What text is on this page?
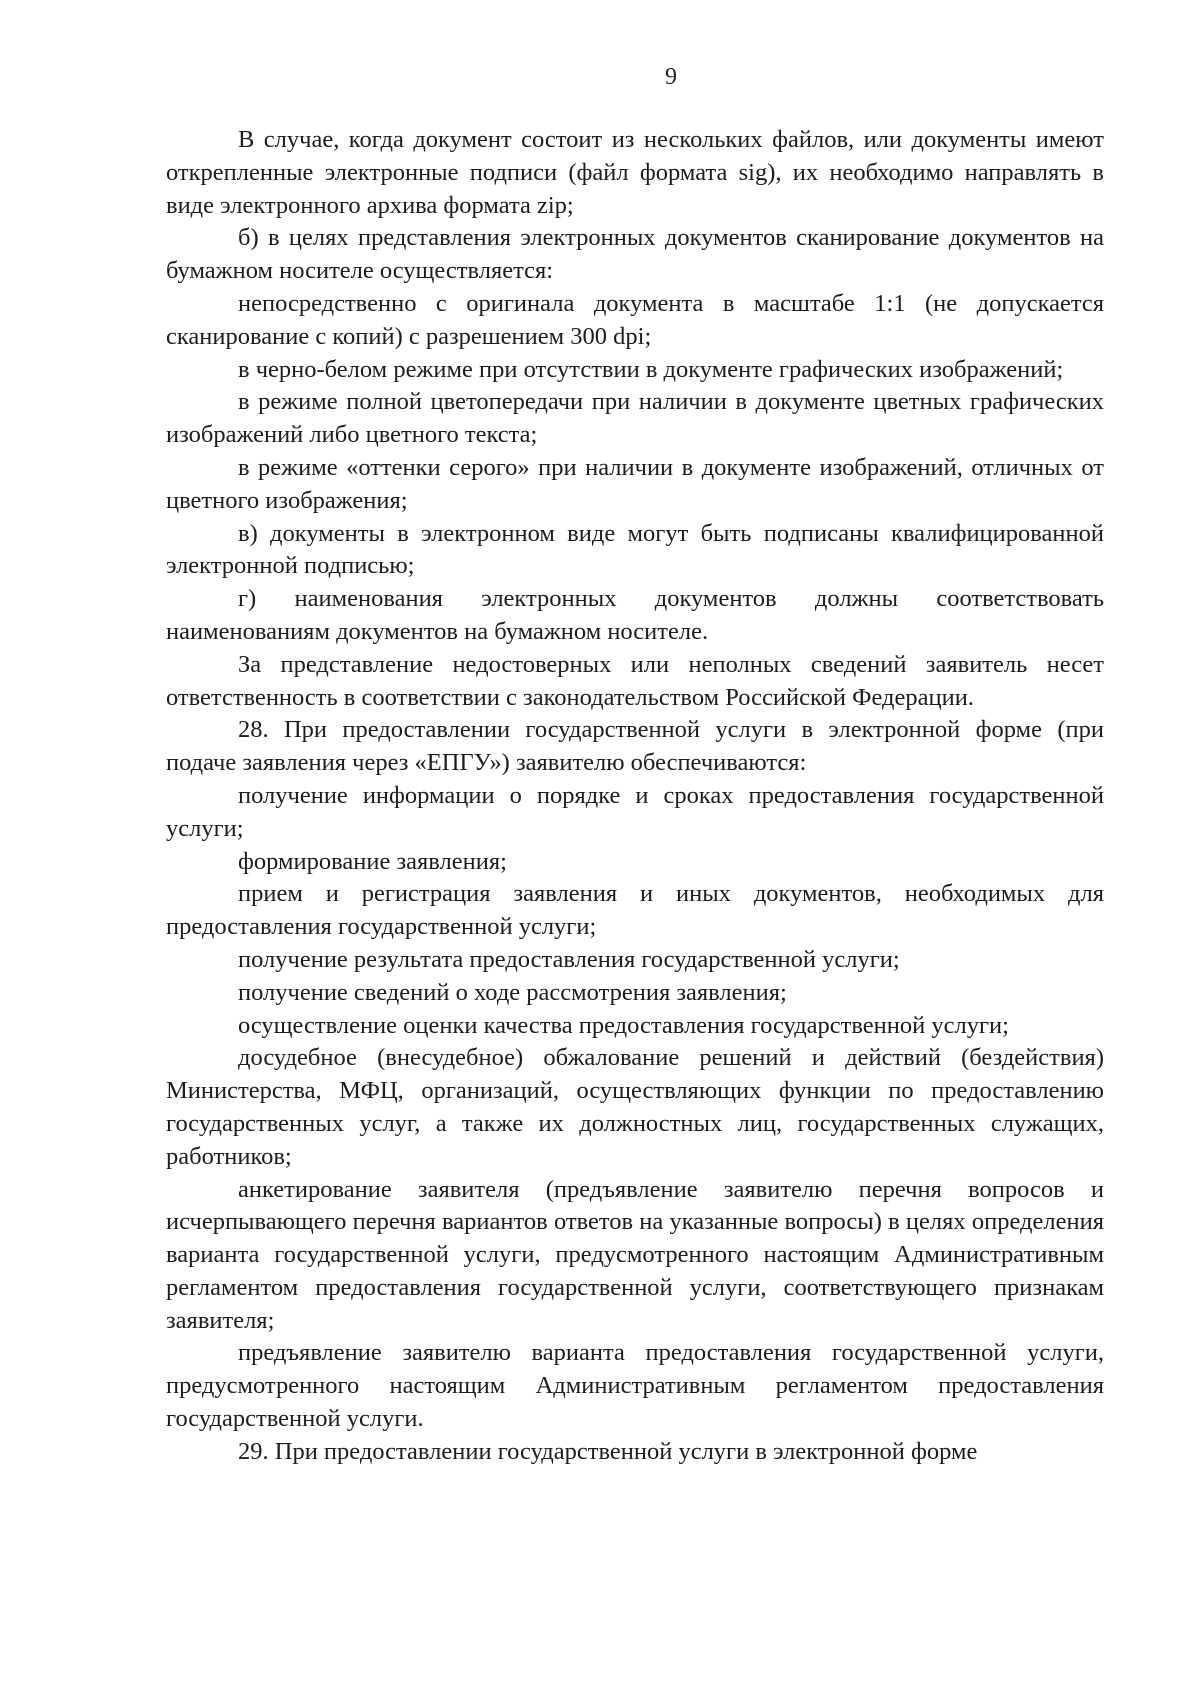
9

В случае, когда документ состоит из нескольких файлов, или документы имеют открепленные электронные подписи (файл формата sig), их необходимо направлять в виде электронного архива формата zip;

б) в целях представления электронных документов сканирование документов на бумажном носителе осуществляется:

непосредственно с оригинала документа в масштабе 1:1 (не допускается сканирование с копий) с разрешением 300 dpi;

в черно-белом режиме при отсутствии в документе графических изображений;

в режиме полной цветопередачи при наличии в документе цветных графических изображений либо цветного текста;

в режиме «оттенки серого» при наличии в документе изображений, отличных от цветного изображения;

в) документы в электронном виде могут быть подписаны квалифицированной электронной подписью;

г) наименования электронных документов должны соответствовать наименованиям документов на бумажном носителе.

За представление недостоверных или неполных сведений заявитель несет ответственность в соответствии с законодательством Российской Федерации.

28. При предоставлении государственной услуги в электронной форме (при подаче заявления через «ЕПГУ») заявителю обеспечиваются:

получение информации о порядке и сроках предоставления государственной услуги;

формирование заявления;

прием и регистрация заявления и иных документов, необходимых для предоставления государственной услуги;

получение результата предоставления государственной услуги;

получение сведений о ходе рассмотрения заявления;

осуществление оценки качества предоставления государственной услуги;

досудебное (внесудебное) обжалование решений и действий (бездействия) Министерства, МФЦ, организаций, осуществляющих функции по предоставлению государственных услуг, а также их должностных лиц, государственных служащих, работников;

анкетирование заявителя (предъявление заявителю перечня вопросов и исчерпывающего перечня вариантов ответов на указанные вопросы) в целях определения варианта государственной услуги, предусмотренного настоящим Административным регламентом предоставления государственной услуги, соответствующего признакам заявителя;

предъявление заявителю варианта предоставления государственной услуги, предусмотренного настоящим Административным регламентом предоставления государственной услуги.

29. При предоставлении государственной услуги в электронной форме
